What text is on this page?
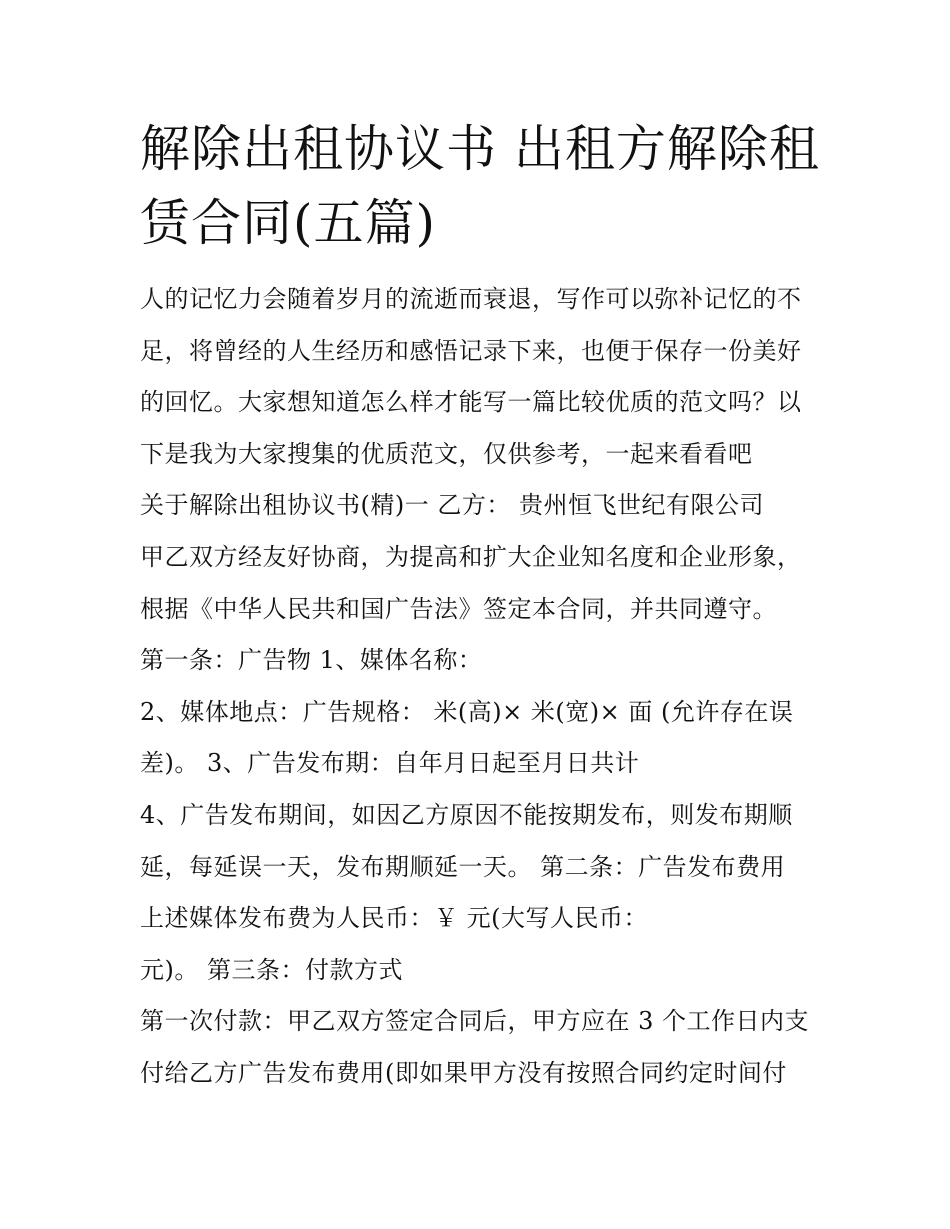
解除出租协议书 出租方解除租
赁合同(五篇)
人的记忆力会随着岁月的流逝而衰退，写作可以弥补记忆的不
足，将曾经的人生经历和感悟记录下来，也便于保存一份美好
的回忆。大家想知道怎么样才能写一篇比较优质的范文吗？以
下是我为大家搜集的优质范文，仅供参考，一起来看看吧
关于解除出租协议书(精)一 乙方： 贵州恒飞世纪有限公司
甲乙双方经友好协商，为提高和扩大企业知名度和企业形象，
根据《中华人民共和国广告法》签定本合同，并共同遵守。
第一条：广告物 1、媒体名称：
2、媒体地点：广告规格： 米(高)× 米(宽)× 面 (允许存在误
差)。 3、广告发布期：自年月日起至月日共计
4、广告发布期间，如因乙方原因不能按期发布，则发布期顺
延，每延误一天，发布期顺延一天。 第二条：广告发布费用
上述媒体发布费为人民币：￥ 元(大写人民币：
元)。 第三条：付款方式
第一次付款：甲乙双方签定合同后，甲方应在 3 个工作日内支
付给乙方广告发布费用(即如果甲方没有按照合同约定时间付
